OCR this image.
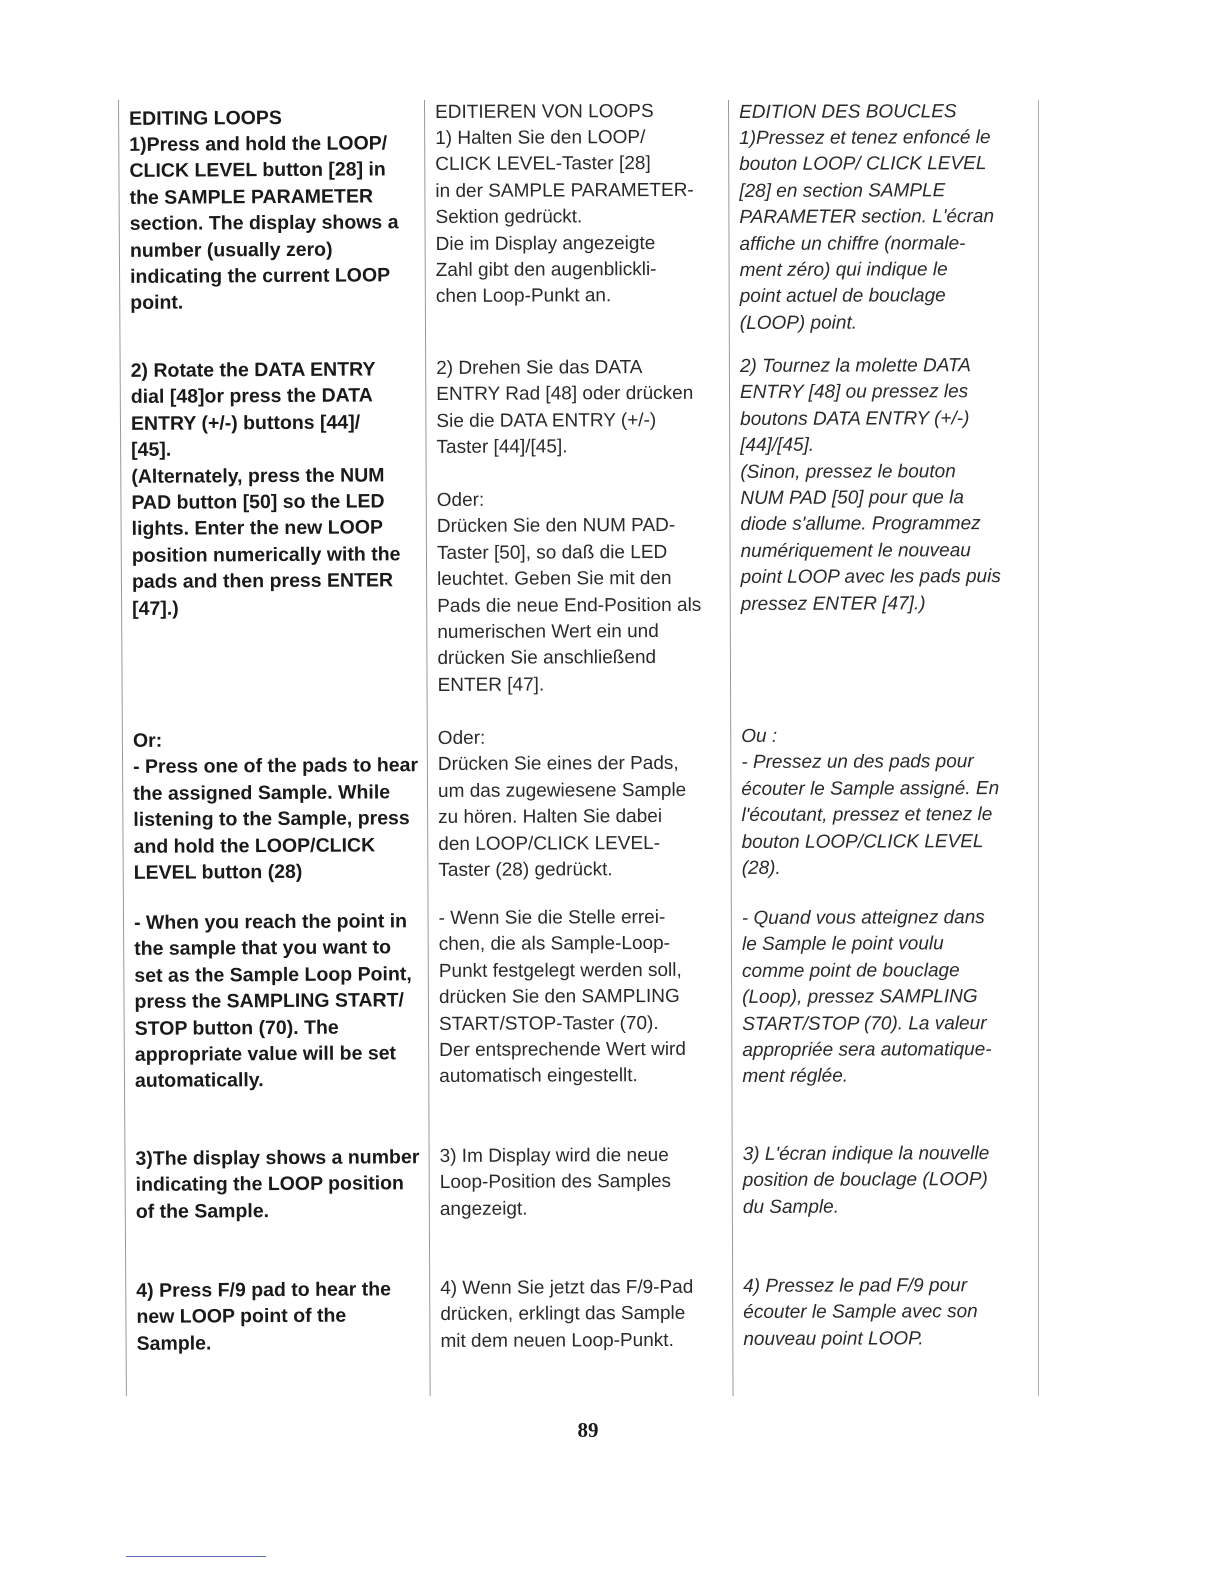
EDITING LOOPS

1)Press and hold the LOOP/
CLICK LEVEL button [28] in
the SAMPLE PARAMETER
section. The display shows a
number (usually zero)
indicating the current LOOP
point.

2) Rotate the DATA ENTRY
dial [48]or press the DATA
ENTRY (+/-) buttons [44]/
[45].
(Alternately, press the NUM
PAD button [50] so the LED
lights. Enter the new LOOP
position numerically with the
pads and then press ENTER
[47].)

Or:
- Press one of the pads to hear
the assigned Sample. While
listening to the Sample, press
and hold the LOOP/CLICK
LEVEL button (28)

- When you reach the point in
the sample that you want to
set as the Sample Loop Point,
press the SAMPLING START/
STOP button (70). The
appropriate value will be set
automatically.

3)The display shows a number
indicating the LOOP position
of the Sample.

4) Press F/9 pad to hear the
new LOOP point of the
Sample.

EDITIEREN VON LOOPS

1) Halten Sie den LOOP/
CLICK LEVEL-Taster [28]
in der SAMPLE PARAMETER-
Sektion gedrückt.
Die im Display angezeigte
Zahl gibt den augenblickli-
chen Loop-Punkt an.

2) Drehen Sie das DATA
ENTRY Rad [48] oder drücken
Sie die DATA ENTRY (+/-)
Taster [44]/[45].

Oder:
Drücken Sie den NUM PAD-
Taster [50], so daß die LED
leuchtet. Geben Sie mit den
Pads die neue End-Position als
numerischen Wert ein und
drücken Sie anschließend
ENTER [47].

Oder:
Drücken Sie eines der Pads,
um das zugewiesene Sample
zu hören. Halten Sie dabei
den LOOP/CLICK LEVEL-
Taster (28) gedrückt.

- Wenn Sie die Stelle errei-
chen, die als Sample-Loop-
Punkt festgelegt werden soll,
drücken Sie den SAMPLING
START/STOP-Taster (70).
Der entsprechende Wert wird
automatisch eingestellt.

3) Im Display wird die neue
Loop-Position des Samples
angezeigt.

4) Wenn Sie jetzt das F/9-Pad
drücken, erklingt das Sample
mit dem neuen Loop-Punkt.

EDITION DES BOUCLES

1)Pressez et tenez enfoncé le
bouton LOOP/ CLICK LEVEL
[28] en section SAMPLE
PARAMETER section. L'écran
affiche un chiffre (normale-
ment zéro) qui indique le
point actuel de bouclage
(LOOP) point.

2) Tournez la molette DATA
ENTRY [48] ou pressez les
boutons DATA ENTRY (+/-)
[44]/[45].
(Sinon, pressez le bouton
NUM PAD [50] pour que la
diode s'allume. Programmez
numériquement le nouveau
point LOOP avec les pads puis
pressez ENTER [47].)

Ou :
- Pressez un des pads pour
écouter le Sample assigné. En
l'écoutant, pressez et tenez le
bouton LOOP/CLICK LEVEL
(28).

- Quand vous atteignez dans
le Sample le point voulu
comme point de bouclage
(Loop), pressez SAMPLING
START/STOP (70). La valeur
appropriée sera automatique-
ment réglée.

3) L'écran indique la nouvelle
position de bouclage (LOOP)
du Sample.

4) Pressez le pad F/9 pour
écouter le Sample avec son
nouveau point LOOP.

89
